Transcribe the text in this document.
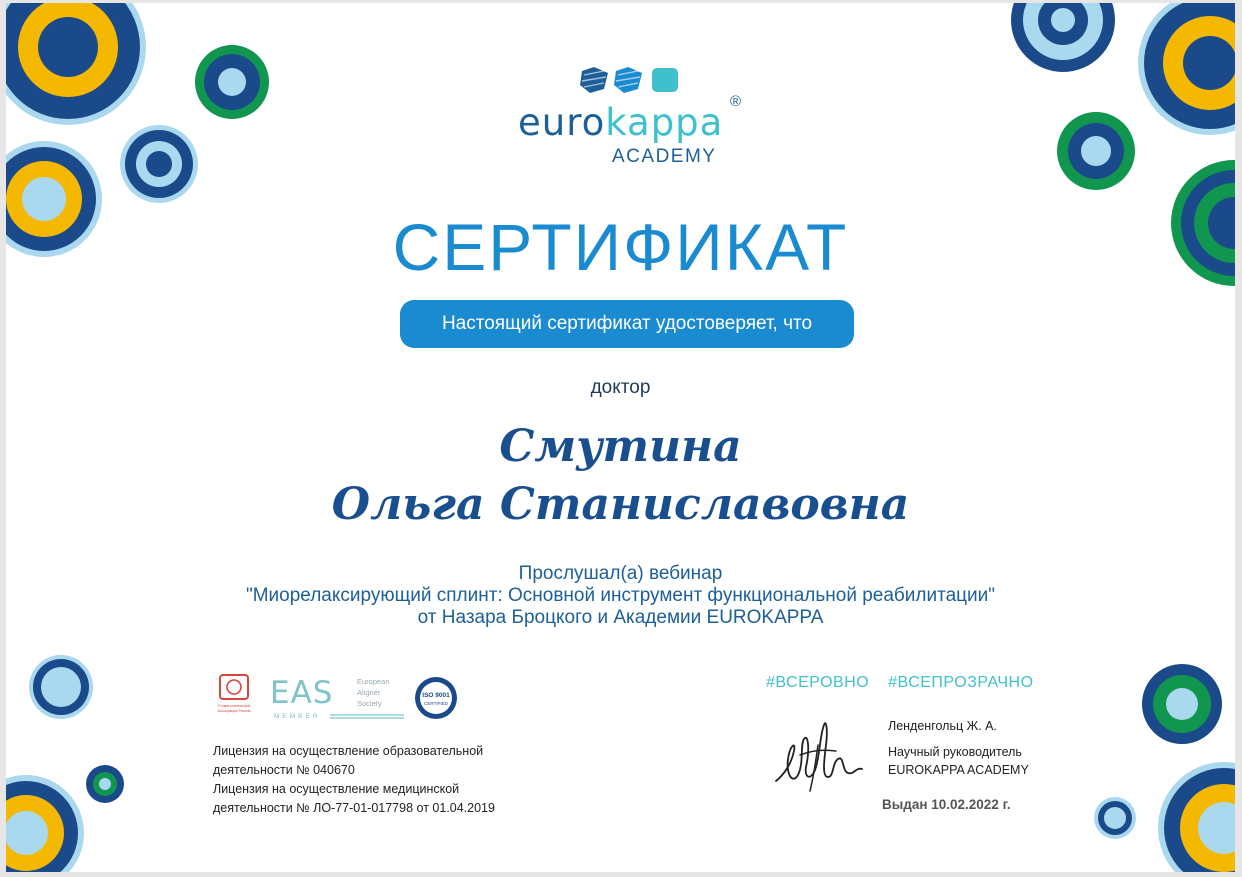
eurokappa ®
ACADEMY
СЕРТИФИКАТ
Настоящий сертификат удостоверяет, что
доктор
Смутина
Ольга Станиславовна
Прослушал(а) вебинар
"Миорелаксирующий сплинт: Основной инструмент функциональной реабилитации"
от Назара Броцкого и Академии EUROKAPPA
Стоматологической
Ассоциации России EAS
MEMBER
European
Aligner
Society
ISO 9001
CERTIFIED
Лицензия на осуществление образовательной
деятельности № 040670
Лицензия на осуществление медицинской
деятельности № ЛО-77-01-017798 от 01.04.2019
#ВСЕРОВНО #ВСЕПРОЗРАЧНО
Ленденгольц Ж. А.
Научный руководитель
EUROKAPPA ACADEMY
Выдан 10.02.2022 г.
